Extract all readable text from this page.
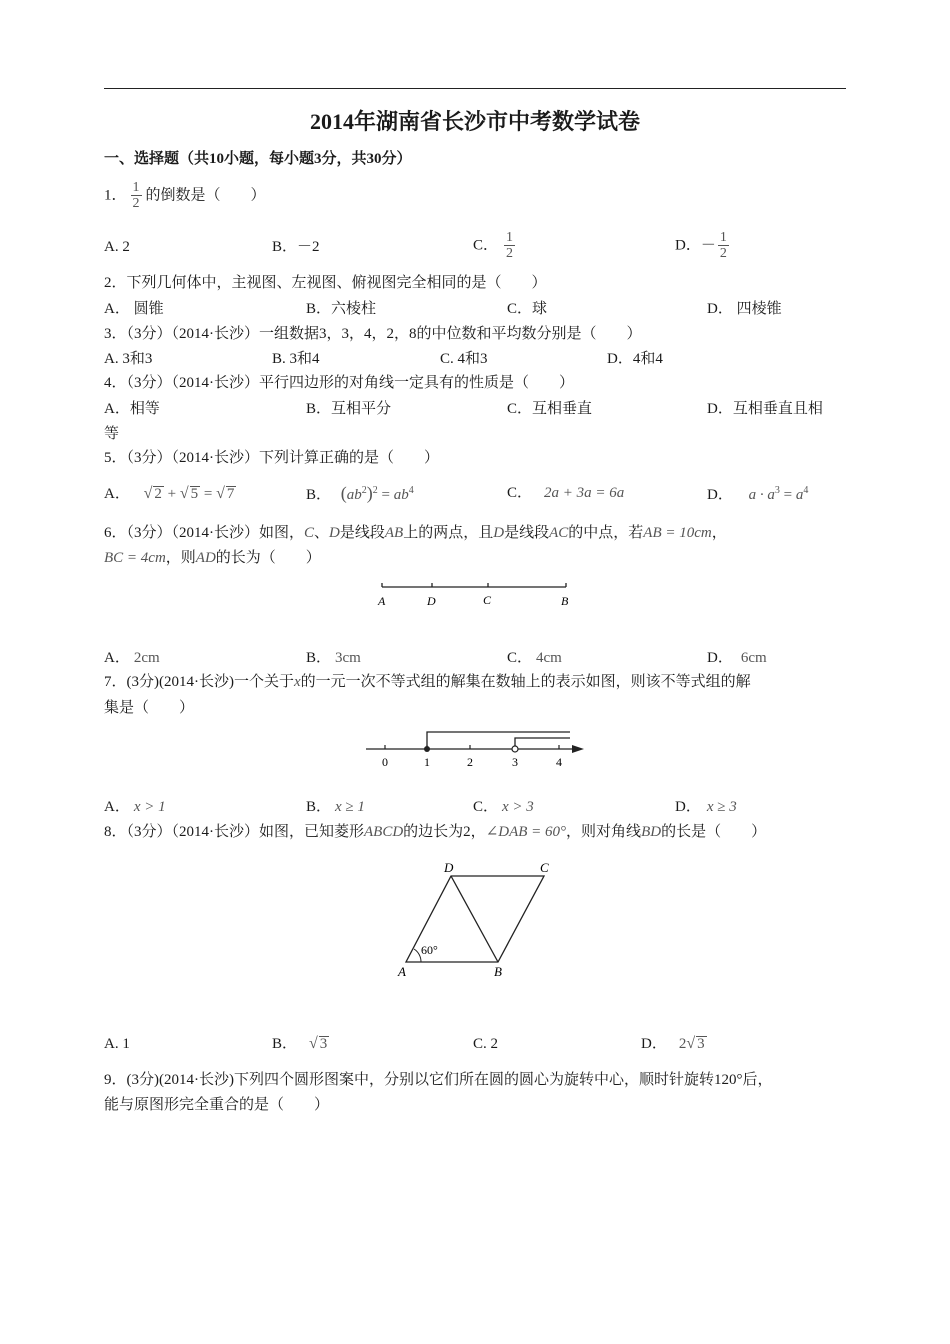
2014年湖南省长沙市中考数学试卷
一、选择题（共10小题，每小题3分，共30分）
1． $\frac{1}{2}$ 的倒数是（　　）
A. 2	B．－2	C． $\frac{1}{2}$	D．－ $\frac{1}{2}$
2．下列几何体中，主视图、左视图、俯视图完全相同的是（　　）
A． 圆锥	B．六棱柱	C．球	D． 四棱锥
3．（3分）（2014·长沙）一组数据3，3，4，2，8的中位数和平均数分别是（　　）
A. 3和3	B. 3和4	C. 4和3	D．4和4
4．（3分）（2014·长沙）平行四边形的对角线一定具有的性质是（　　）
A．相等	B．互相平分	C．互相垂直	D．互相垂直且相
等
5．（3分）（2014·长沙）下列计算正确的是（　　）
A． √ 2 + √ 5 = √ 7	B． $(ab^2)^2 = ab^4$	C． 2a + 3a = 6a	D． $a \cdot a^3 = a^4$
6．（3分）（2014·长沙）如图，C、D是线段AB上的两点，且D是线段AC的中点，若AB = 10cm，
BC = 4cm，则AD的长为（　　）
A	D	C	B
A． 2cm	B． 3cm	C． 4cm	D． 6cm
7．(3分)(2014·长沙)一个关于x的一元一次不等式组的解集在数轴上的表示如图，则该不等式组的解
集是（　　）
0	1	2	3	4
A． x > 1	B． x ≥ 1	C． x > 3	D． x ≥ 3
8．（3分）（2014·长沙）如图，已知菱形ABCD的边长为2，∠DAB = 60°，则对角线BD的长是（　　）
60°
D	C
A	B
A. 1	B． √ 3	C. 2	D． 2√ 3
9．(3分)(2014·长沙)下列四个圆形图案中，分别以它们所在圆的圆心为旋转中心，顺时针旋转120°后，
能与原图形完全重合的是（　　）
